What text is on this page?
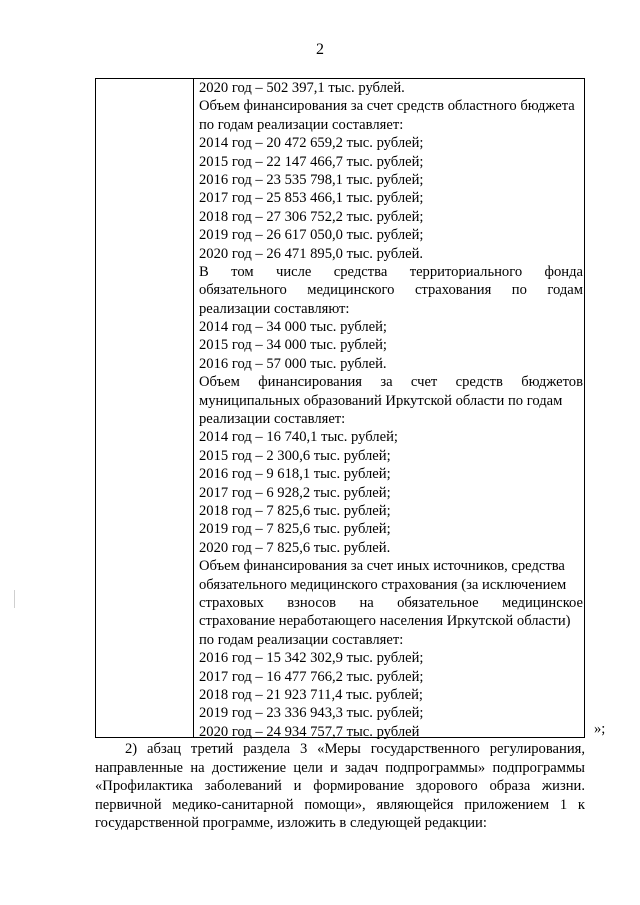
2
2020 год – 502 397,1 тыс. рублей.
Объем финансирования за счет средств областного бюджета
по годам реализации составляет:
2014 год – 20 472 659,2 тыс. рублей;
2015 год – 22 147 466,7 тыс. рублей;
2016 год – 23 535 798,1 тыс. рублей;
2017 год – 25 853 466,1 тыс. рублей;
2018 год – 27 306 752,2 тыс. рублей;
2019 год – 26 617 050,0 тыс. рублей;
2020 год – 26 471 895,0 тыс. рублей.
В том числе средства территориального фонда
обязательного медицинского страхования по годам
реализации составляют:
2014 год – 34 000 тыс. рублей;
2015 год – 34 000 тыс. рублей;
2016 год – 57 000 тыс. рублей.
Объем финансирования за счет средств бюджетов
муниципальных образований Иркутской области по годам
реализации составляет:
2014 год – 16 740,1 тыс. рублей;
2015 год – 2 300,6 тыс. рублей;
2016 год – 9 618,1 тыс. рублей;
2017 год – 6 928,2 тыс. рублей;
2018 год – 7 825,6 тыс. рублей;
2019 год – 7 825,6 тыс. рублей;
2020 год – 7 825,6 тыс. рублей.
Объем финансирования за счет иных источников, средства
обязательного медицинского страхования (за исключением
страховых взносов на обязательное медицинское
страхование неработающего населения Иркутской области)
по годам реализации составляет:
2016 год – 15 342 302,9 тыс. рублей;
2017 год – 16 477 766,2 тыс. рублей;
2018 год – 21 923 711,4 тыс. рублей;
2019 год – 23 336 943,3 тыс. рублей;
2020 год – 24 934 757,7 тыс. рублей	»;
2) абзац третий раздела 3 «Меры государственного регулирования,
направленные на достижение цели и задач подпрограммы» подпрограммы
«Профилактика заболеваний и формирование здорового образа жизни.
первичной медико-санитарной помощи», являющейся приложением 1 к
государственной программе, изложить в следующей редакции:
